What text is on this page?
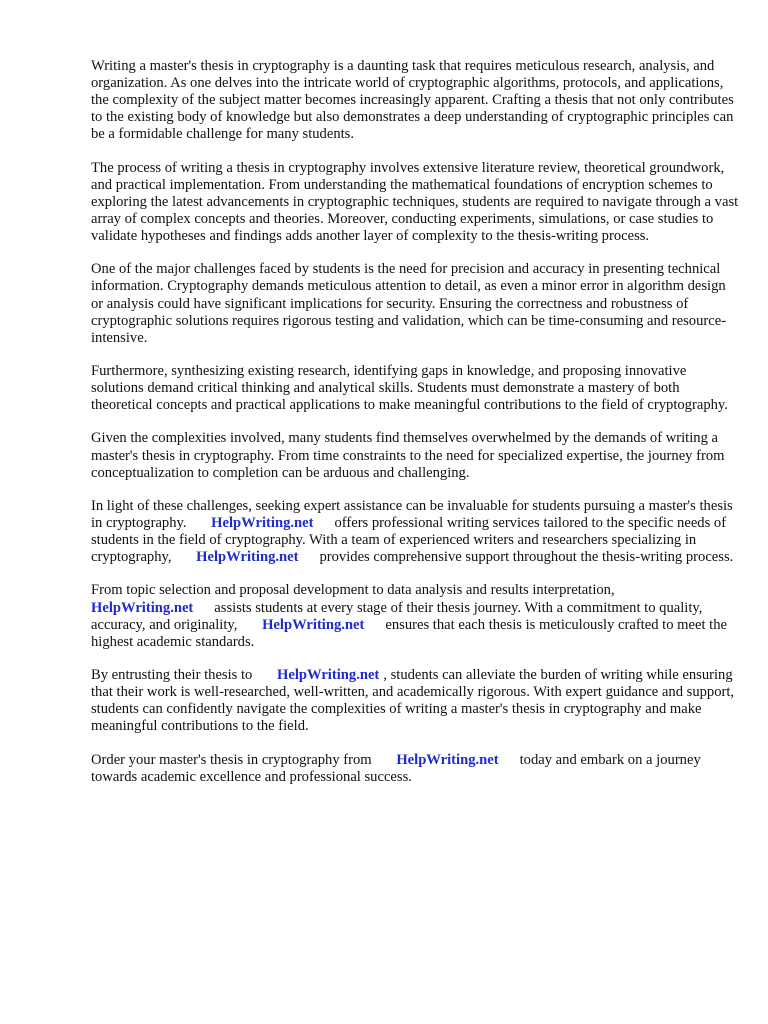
Writing a master's thesis in cryptography is a daunting task that requires meticulous research, analysis, and organization. As one delves into the intricate world of cryptographic algorithms, protocols, and applications, the complexity of the subject matter becomes increasingly apparent. Crafting a thesis that not only contributes to the existing body of knowledge but also demonstrates a deep understanding of cryptographic principles can be a formidable challenge for many students.

The process of writing a thesis in cryptography involves extensive literature review, theoretical groundwork, and practical implementation. From understanding the mathematical foundations of encryption schemes to exploring the latest advancements in cryptographic techniques, students are required to navigate through a vast array of complex concepts and theories. Moreover, conducting experiments, simulations, or case studies to validate hypotheses and findings adds another layer of complexity to the thesis-writing process.

One of the major challenges faced by students is the need for precision and accuracy in presenting technical information. Cryptography demands meticulous attention to detail, as even a minor error in algorithm design or analysis could have significant implications for security. Ensuring the correctness and robustness of cryptographic solutions requires rigorous testing and validation, which can be time-consuming and resource-intensive.

Furthermore, synthesizing existing research, identifying gaps in knowledge, and proposing innovative solutions demand critical thinking and analytical skills. Students must demonstrate a mastery of both theoretical concepts and practical applications to make meaningful contributions to the field of cryptography.

Given the complexities involved, many students find themselves overwhelmed by the demands of writing a master's thesis in cryptography. From time constraints to the need for specialized expertise, the journey from conceptualization to completion can be arduous and challenging.

In light of these challenges, seeking expert assistance can be invaluable for students pursuing a master's thesis in cryptography. HelpWriting.net offers professional writing services tailored to the specific needs of students in the field of cryptography. With a team of experienced writers and researchers specializing in cryptography, HelpWriting.net provides comprehensive support throughout the thesis-writing process.

From topic selection and proposal development to data analysis and results interpretation, HelpWriting.net assists students at every stage of their thesis journey. With a commitment to quality, accuracy, and originality, HelpWriting.net ensures that each thesis is meticulously crafted to meet the highest academic standards.

By entrusting their thesis to HelpWriting.net , students can alleviate the burden of writing while ensuring that their work is well-researched, well-written, and academically rigorous. With expert guidance and support, students can confidently navigate the complexities of writing a master's thesis in cryptography and make meaningful contributions to the field.

Order your master's thesis in cryptography from HelpWriting.net today and embark on a journey towards academic excellence and professional success.
